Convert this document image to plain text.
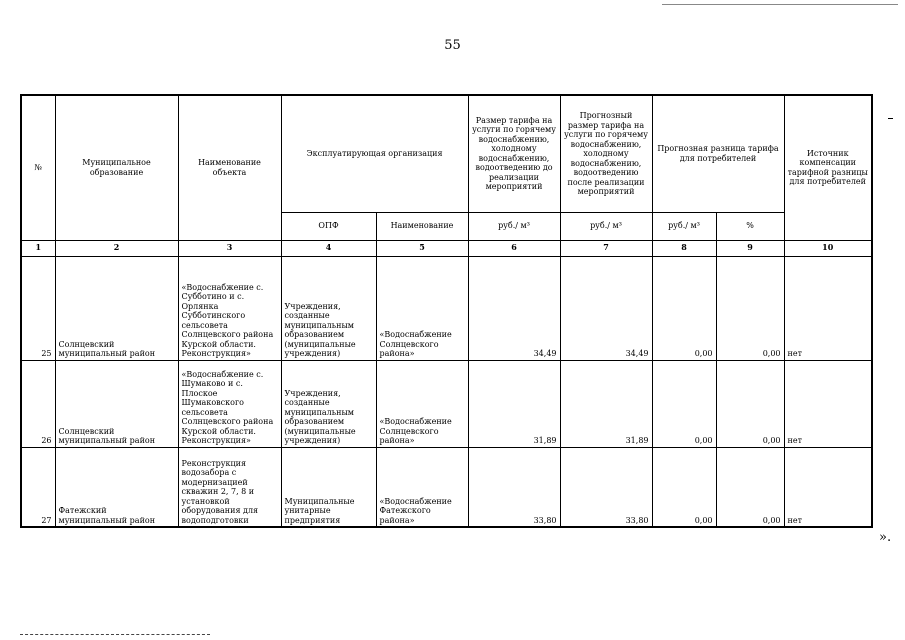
55
№	Муниципальное образование	Наименование объекта	Эксплуатирующая организация		Размер тарифа на услуги по горячему водоснабжению, холодному водоснабжению, водоотведению до реализации мероприятий	Прогнозный размер тарифа на услуги по горячему водоснабжению, холодному водоснабжению, водоотведению после реализации мероприятий	Прогнозная разница тарифа для потребителей		Источник компенсации тарифной разницы для потребителей
			ОПФ	Наименование	руб./ м³	руб./ м³	руб./ м³	%	
1	2	3	4	5	6	7	8	9	10
25	Солнцевский муниципальный район	«Водоснабжение с. Субботино и с. Орлянка Субботинского сельсовета Солнцевского района Курской области. Реконструкция»	Учреждения, созданные муниципальным образованием (муниципальные учреждения)	«Водоснабжение Солнцевского района»	34,49	34,49	0,00	0,00	нет
26	Солнцевский муниципальный район	«Водоснабжение с. Шумаково и с. Плоское Шумаковского сельсовета Солнцевского района Курской области. Реконструкция»	Учреждения, созданные муниципальным образованием (муниципальные учреждения)	«Водоснабжение Солнцевского района»	31,89	31,89	0,00	0,00	нет
27	Фатежский муниципальный район	Реконструкция водозабора с модернизацией скважин 2, 7, 8 и установкой оборудования для водоподготовки	Муниципальные унитарные предприятия	«Водоснабжение Фатежского района»	33,80	33,80	0,00	0,00	нет
».
